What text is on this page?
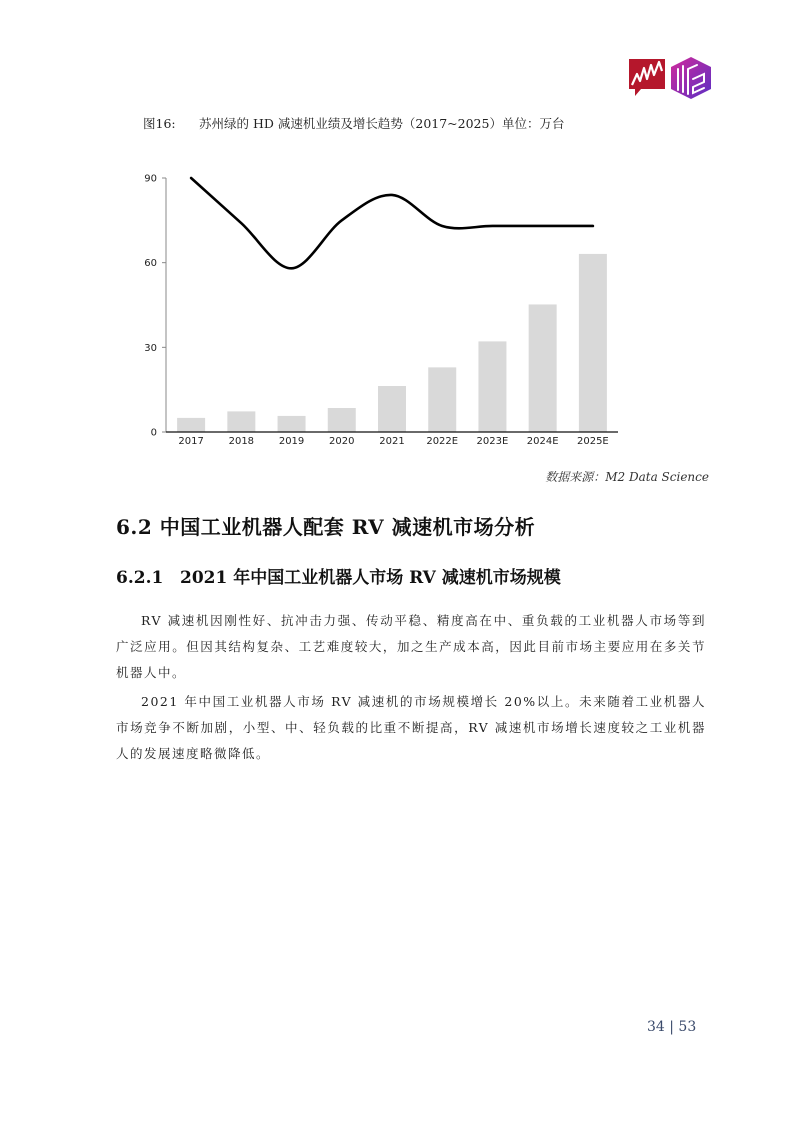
图16: 苏州绿的 HD 减速机业绩及增长趋势（2017~2025）单位：万台
0
30
60
90
2017 2018 2019 2020 2021 2022E 2023E 2024E 2025E
数据来源：M2 Data Science
6.2 中国工业机器人配套 RV 减速机市场分析
6.2.1 2021 年中国工业机器人市场 RV 减速机市场规模

RV 减速机因刚性好、抗冲击力强、传动平稳、精度高在中、重负载的工业机器人市场等到广泛应用。但因其结构复杂、工艺难度较大，加之生产成本高，因此目前市场主要应用在多关节机器人中。

2021 年中国工业机器人市场 RV 减速机的市场规模增长 20%以上。未来随着工业机器人市场竞争不断加剧，小型、中、轻负载的比重不断提高，RV 减速机市场增长速度较之工业机器人的发展速度略微降低。

34 | 53
